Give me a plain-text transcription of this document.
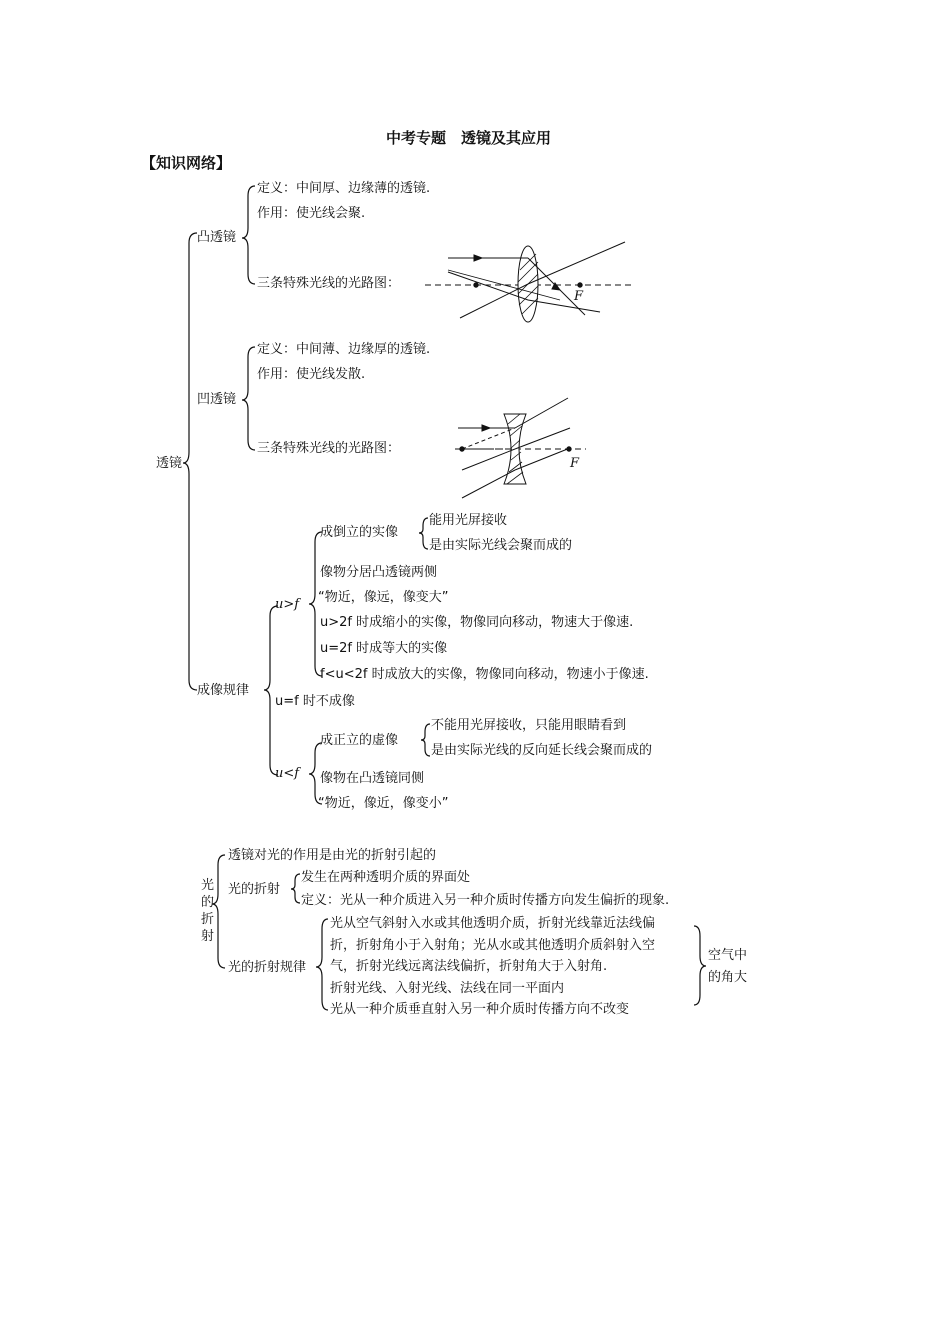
中考专题　透镜及其应用
【知识网络】
透镜
凸透镜
定义：中间厚、边缘薄的透镜.
作用：使光线会聚.
三条特殊光线的光路图：
F
凹透镜
定义：中间薄、边缘厚的透镜.
作用：使光线发散.
三条特殊光线的光路图：
F
成像规律
u>f
成倒立的实像
能用光屏接收
是由实际光线会聚而成的
像物分居凸透镜两侧
“物近，像远，像变大”
u>2f 时成缩小的实像，物像同向移动，物速大于像速.
u=2f 时成等大的实像
f<u<2f 时成放大的实像，物像同向移动，物速小于像速.
u=f 时不成像
u<f
成正立的虚像
不能用光屏接收，只能用眼睛看到
是由实际光线的反向延长线会聚而成的
像物在凸透镜同侧
“物近，像近，像变小”
光
的
折
射
透镜对光的作用是由光的折射引起的
光的折射
发生在两种透明介质的界面处
定义：光从一种介质进入另一种介质时传播方向发生偏折的现象.
光的折射规律
光从空气斜射入水或其他透明介质，折射光线靠近法线偏
折，折射角小于入射角；光从水或其他透明介质斜射入空
气，折射光线远离法线偏折，折射角大于入射角.
折射光线、入射光线、法线在同一平面内
光从一种介质垂直射入另一种介质时传播方向不改变
空气中
的角大
